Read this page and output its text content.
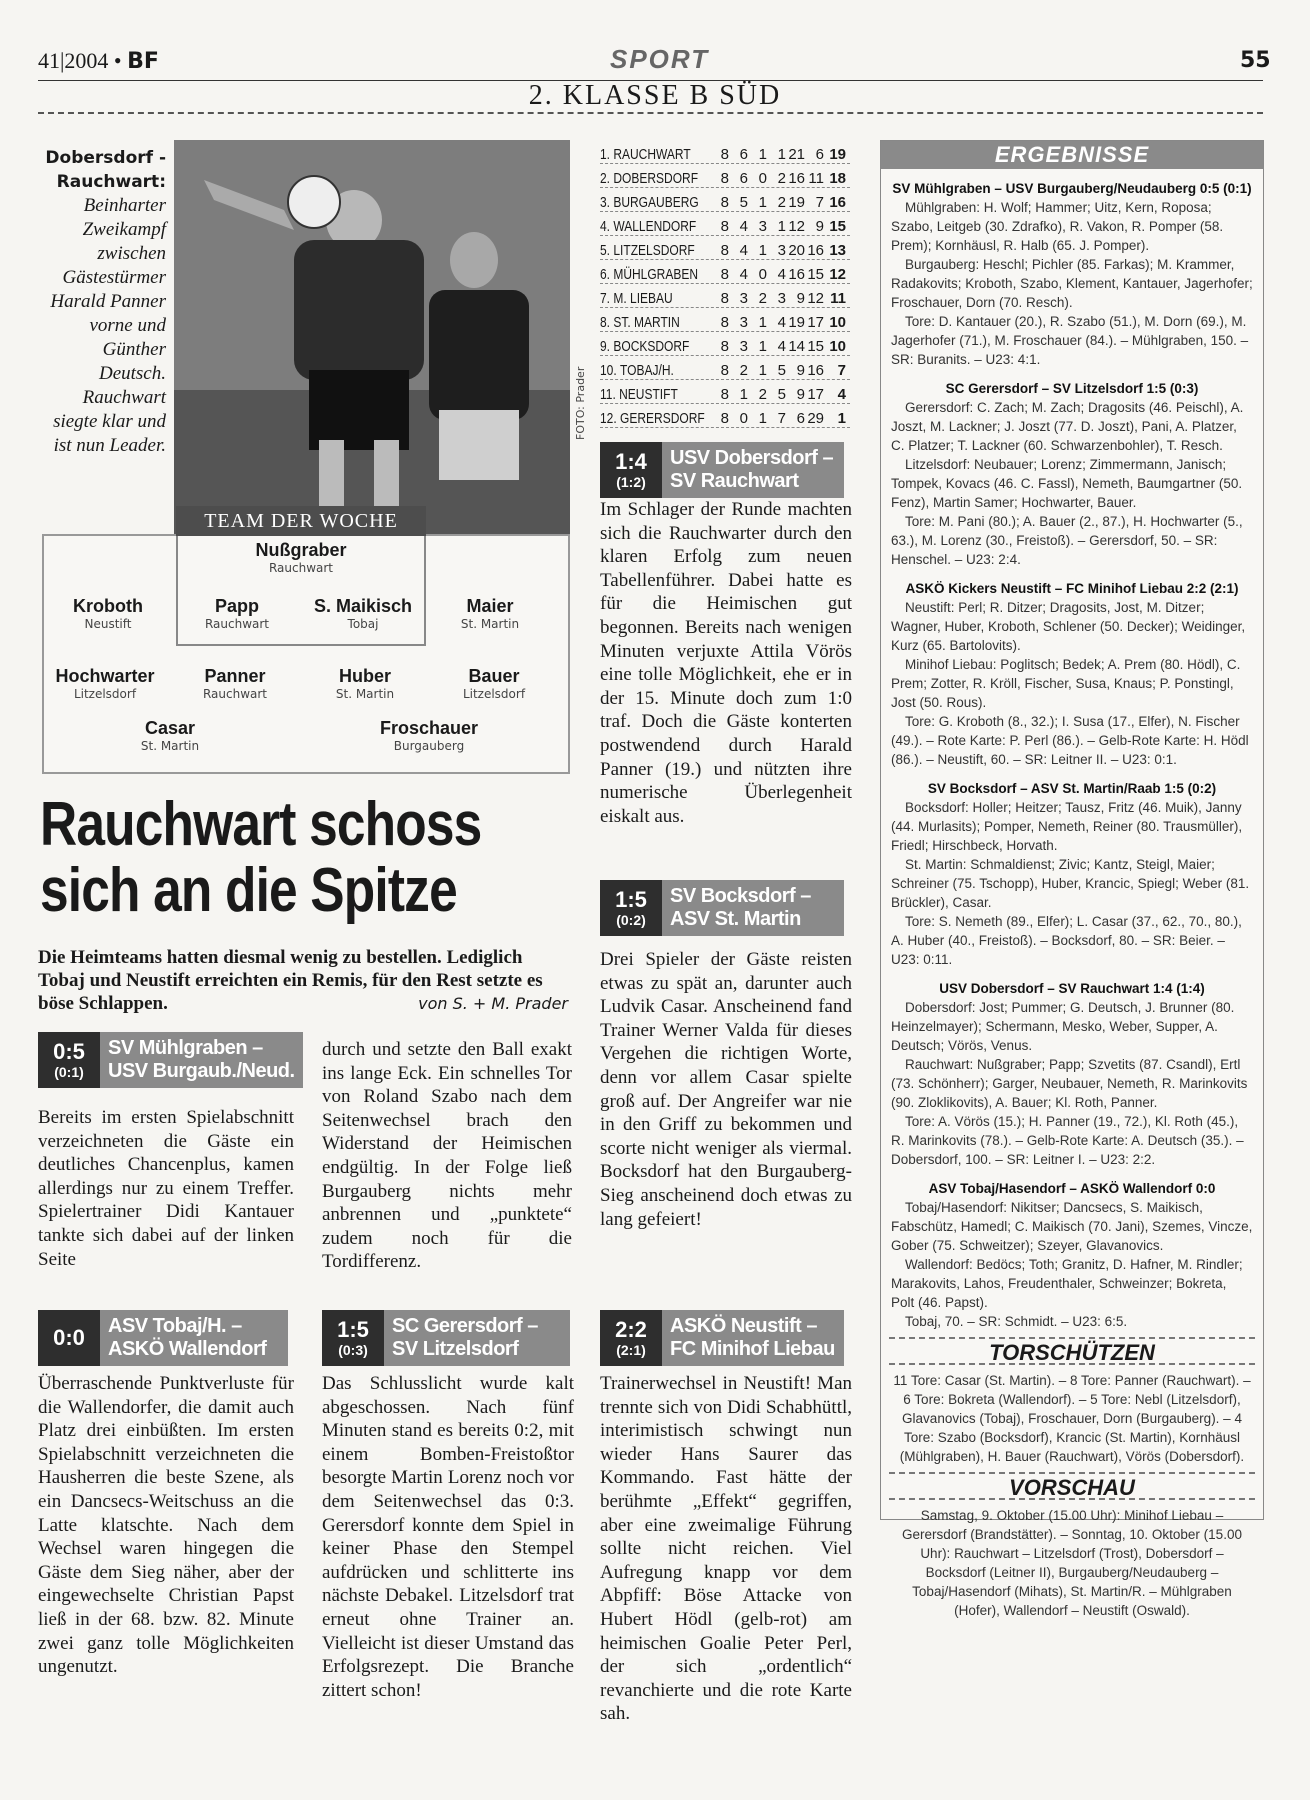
41|2004 • BF	SPORT	55
2. KLASSE B SÜD
Dobersdorf - Rauchwart:
Beinharter Zweikampf zwischen Gästestürmer Harald Panner vorne und Günther Deutsch. Rauchwart siegte klar und ist nun Leader.
FOTO: Prader
TEAM DER WOCHE
Nußgraber
Rauchwart
Kroboth
Neustift
Papp
Rauchwart
S. Maikisch
Tobaj
Maier
St. Martin
Hochwarter
Litzelsdorf
Panner
Rauchwart
Huber
St. Martin
Bauer
Litzelsdorf
Casar
St. Martin
Froschauer
Burgauberg
Rauchwart schoss
sich an die Spitze
Die Heimteams hatten diesmal wenig zu bestellen. Lediglich Tobaj und Neustift erreichten ein Remis, für den Rest setzte es böse Schlappen.	von S. + M. Prader
0:5
(0:1)
SV Mühlgraben –
USV Burgaub./Neud.
Bereits im ersten Spielabschnitt verzeichneten die Gäste ein deutliches Chancenplus, kamen allerdings nur zu einem Treffer. Spielertrainer Didi Kantauer tankte sich dabei auf der linken Seite
durch und setzte den Ball exakt ins lange Eck. Ein schnelles Tor von Roland Szabo nach dem Seitenwechsel brach den Widerstand der Heimischen endgültig. In der Folge ließ Burgauberg nichts mehr anbrennen und „punktete“ zudem noch für die Tordifferenz.
1. RAUCHWART	8 6 1 1 21 6 19
2. DOBERSDORF	8 6 0 2 16 11 18
3. BURGAUBERG	8 5 1 2 19 7 16
4. WALLENDORF	8 4 3 1 12 9 15
5. LITZELSDORF	8 4 1 3 20 16 13
6. MÜHLGRABEN	8 4 0 4 16 15 12
7. M. LIEBAU	8 3 2 3 9 12 11
8. ST. MARTIN	8 3 1 4 19 17 10
9. BOCKSDORF	8 3 1 4 14 15 10
10. TOBAJ/H.	8 2 1 5 9 16 7
11. NEUSTIFT	8 1 2 5 9 17 4
12. GERERSDORF	8 0 1 7 6 29 1
1:4
(1:2)
USV Dobersdorf –
SV Rauchwart
Im Schlager der Runde machten sich die Rauchwarter durch den klaren Erfolg zum neuen Tabellenführer. Dabei hatte es für die Heimischen gut begonnen. Bereits nach wenigen Minuten verjuxte Attila Vörös eine tolle Möglichkeit, ehe er in der 15. Minute doch zum 1:0 traf. Doch die Gäste konterten postwendend durch Harald Panner (19.) und nützten ihre numerische Überlegenheit eiskalt aus.
1:5
(0:2)
SV Bocksdorf –
ASV St. Martin
Drei Spieler der Gäste reisten etwas zu spät an, darunter auch Ludvik Casar. Anscheinend fand Trainer Werner Valda für dieses Vergehen die richtigen Worte, denn vor allem Casar spielte groß auf. Der Angreifer war nie in den Griff zu bekommen und scorte nicht weniger als viermal. Bocksdorf hat den Burgauberg-Sieg anscheinend doch etwas zu lang gefeiert!
0:0 ASV Tobaj/H. –
ASKÖ Wallendorf
Überraschende Punktverluste für die Wallendorfer, die damit auch Platz drei einbüßten. Im ersten Spielabschnitt verzeichneten die Hausherren die beste Szene, als ein Dancsecs-Weitschuss an die Latte klatschte. Nach dem Wechsel waren hingegen die Gäste dem Sieg näher, aber der eingewechselte Christian Papst ließ in der 68. bzw. 82. Minute zwei ganz tolle Möglichkeiten ungenutzt.
1:5
(0:3)
SC Gerersdorf –
SV Litzelsdorf
Das Schlusslicht wurde kalt abgeschossen. Nach fünf Minuten stand es bereits 0:2, mit einem Bomben-Freistoßtor besorgte Martin Lorenz noch vor dem Seitenwechsel das 0:3. Gerersdorf konnte dem Spiel in keiner Phase den Stempel aufdrücken und schlitterte ins nächste Debakel. Litzelsdorf trat erneut ohne Trainer an. Vielleicht ist dieser Umstand das Erfolgsrezept. Die Branche zittert schon!
2:2
(2:1)
ASKÖ Neustift –
FC Minihof Liebau
Trainerwechsel in Neustift! Man trennte sich von Didi Schabhüttl, interimistisch schwingt nun wieder Hans Saurer das Kommando. Fast hätte der berühmte „Effekt“ gegriffen, aber eine zweimalige Führung sollte nicht reichen. Viel Aufregung knapp vor dem Abpfiff: Böse Attacke von Hubert Hödl (gelb-rot) am heimischen Goalie Peter Perl, der sich „ordentlich“ revanchierte und die rote Karte sah.
ERGEBNISSE
SV Mühlgraben – USV Burgauberg/Neudauberg 0:5 (0:1)

Mühlgraben: H. Wolf; Hammer; Uitz, Kern, Roposa; Szabo, Leitgeb (30. Zdrafko), R. Vakon, R. Pomper (58. Prem); Kornhäusl, R. Halb (65. J. Pomper).

Burgauberg: Heschl; Pichler (85. Farkas); M. Krammer, Radakovits; Kroboth, Szabo, Klement, Kantauer, Jagerhofer; Froschauer, Dorn (70. Resch).

Tore: D. Kantauer (20.), R. Szabo (51.), M. Dorn (69.), M. Jagerhofer (71.), M. Froschauer (84.). – Mühlgraben, 150. – SR: Buranits. – U23: 4:1.

SC Gerersdorf – SV Litzelsdorf 1:5 (0:3)

Gerersdorf: C. Zach; M. Zach; Dragosits (46. Peischl), A. Joszt, M. Lackner; J. Joszt (77. D. Joszt), Pani, A. Platzer, C. Platzer; T. Lackner (60. Schwarzenbohler), T. Resch.

Litzelsdorf: Neubauer; Lorenz; Zimmermann, Janisch; Tompek, Kovacs (46. C. Fassl), Nemeth, Baumgartner (50. Fenz), Martin Samer; Hochwarter, Bauer.

Tore: M. Pani (80.); A. Bauer (2., 87.), H. Hochwarter (5., 63.), M. Lorenz (30., Freistoß). – Gerersdorf, 50. – SR: Henschel. – U23: 2:4.

ASKÖ Kickers Neustift – FC Minihof Liebau 2:2 (2:1)

Neustift: Perl; R. Ditzer; Dragosits, Jost, M. Ditzer; Wagner, Huber, Kroboth, Schlener (50. Decker); Weidinger, Kurz (65. Bartolovits).

Minihof Liebau: Poglitsch; Bedek; A. Prem (80. Hödl), C. Prem; Zotter, R. Kröll, Fischer, Susa, Knaus; P. Ponstingl, Jost (50. Rous).

Tore: G. Kroboth (8., 32.); I. Susa (17., Elfer), N. Fischer (49.). – Rote Karte: P. Perl (86.). – Gelb-Rote Karte: H. Hödl (86.). – Neustift, 60. – SR: Leitner II. – U23: 0:1.

SV Bocksdorf – ASV St. Martin/Raab 1:5 (0:2)

Bocksdorf: Holler; Heitzer; Tausz, Fritz (46. Muik), Janny (44. Murlasits); Pomper, Nemeth, Reiner (80. Trausmüller), Friedl; Hirschbeck, Horvath.

St. Martin: Schmaldienst; Zivic; Kantz, Steigl, Maier; Schreiner (75. Tschopp), Huber, Krancic, Spiegl; Weber (81. Brückler), Casar.

Tore: S. Nemeth (89., Elfer); L. Casar (37., 62., 70., 80.), A. Huber (40., Freistoß). – Bocksdorf, 80. – SR: Beier. – U23: 0:11.

USV Dobersdorf – SV Rauchwart 1:4 (1:4)

Dobersdorf: Jost; Pummer; G. Deutsch, J. Brunner (80. Heinzelmayer); Schermann, Mesko, Weber, Supper, A. Deutsch; Vörös, Venus.

Rauchwart: Nußgraber; Papp; Szvetits (87. Csandl), Ertl (73. Schönherr); Garger, Neubauer, Nemeth, R. Marinkovits (90. Zloklikovits), A. Bauer; Kl. Roth, Panner.

Tore: A. Vörös (15.); H. Panner (19., 72.), Kl. Roth (45.), R. Marinkovits (78.). – Gelb-Rote Karte: A. Deutsch (35.). – Dobersdorf, 100. – SR: Leitner I. – U23: 2:2.

ASV Tobaj/Hasendorf – ASKÖ Wallendorf 0:0

Tobaj/Hasendorf: Nikitser; Dancsecs, S. Maikisch, Fabschütz, Hamedl; C. Maikisch (70. Jani), Szemes, Vincze, Gober (75. Schweitzer); Szeyer, Glavanovics.

Wallendorf: Bedöcs; Toth; Granitz, D. Hafner, M. Rindler; Marakovits, Lahos, Freudenthaler, Schweinzer; Bokreta, Polt (46. Papst).

Tobaj, 70. – SR: Schmidt. – U23: 6:5.

TORSCHÜTZEN

11 Tore: Casar (St. Martin). – 8 Tore: Panner (Rauchwart). – 6 Tore: Bokreta (Wallendorf). – 5 Tore: Nebl (Litzelsdorf), Glavanovics (Tobaj), Froschauer, Dorn (Burgauberg). – 4 Tore: Szabo (Bocksdorf), Krancic (St. Martin), Kornhäusl (Mühlgraben), H. Bauer (Rauchwart), Vörös (Dobersdorf).

VORSCHAU

Samstag, 9. Oktober (15.00 Uhr): Minihof Liebau – Gerersdorf (Brandstätter). – Sonntag, 10. Oktober (15.00 Uhr): Rauchwart – Litzelsdorf (Trost), Dobersdorf – Bocksdorf (Leitner II), Burgauberg/Neudauberg – Tobaj/Hasendorf (Mihats), St. Martin/R. – Mühlgraben (Hofer), Wallendorf – Neustift (Oswald).
